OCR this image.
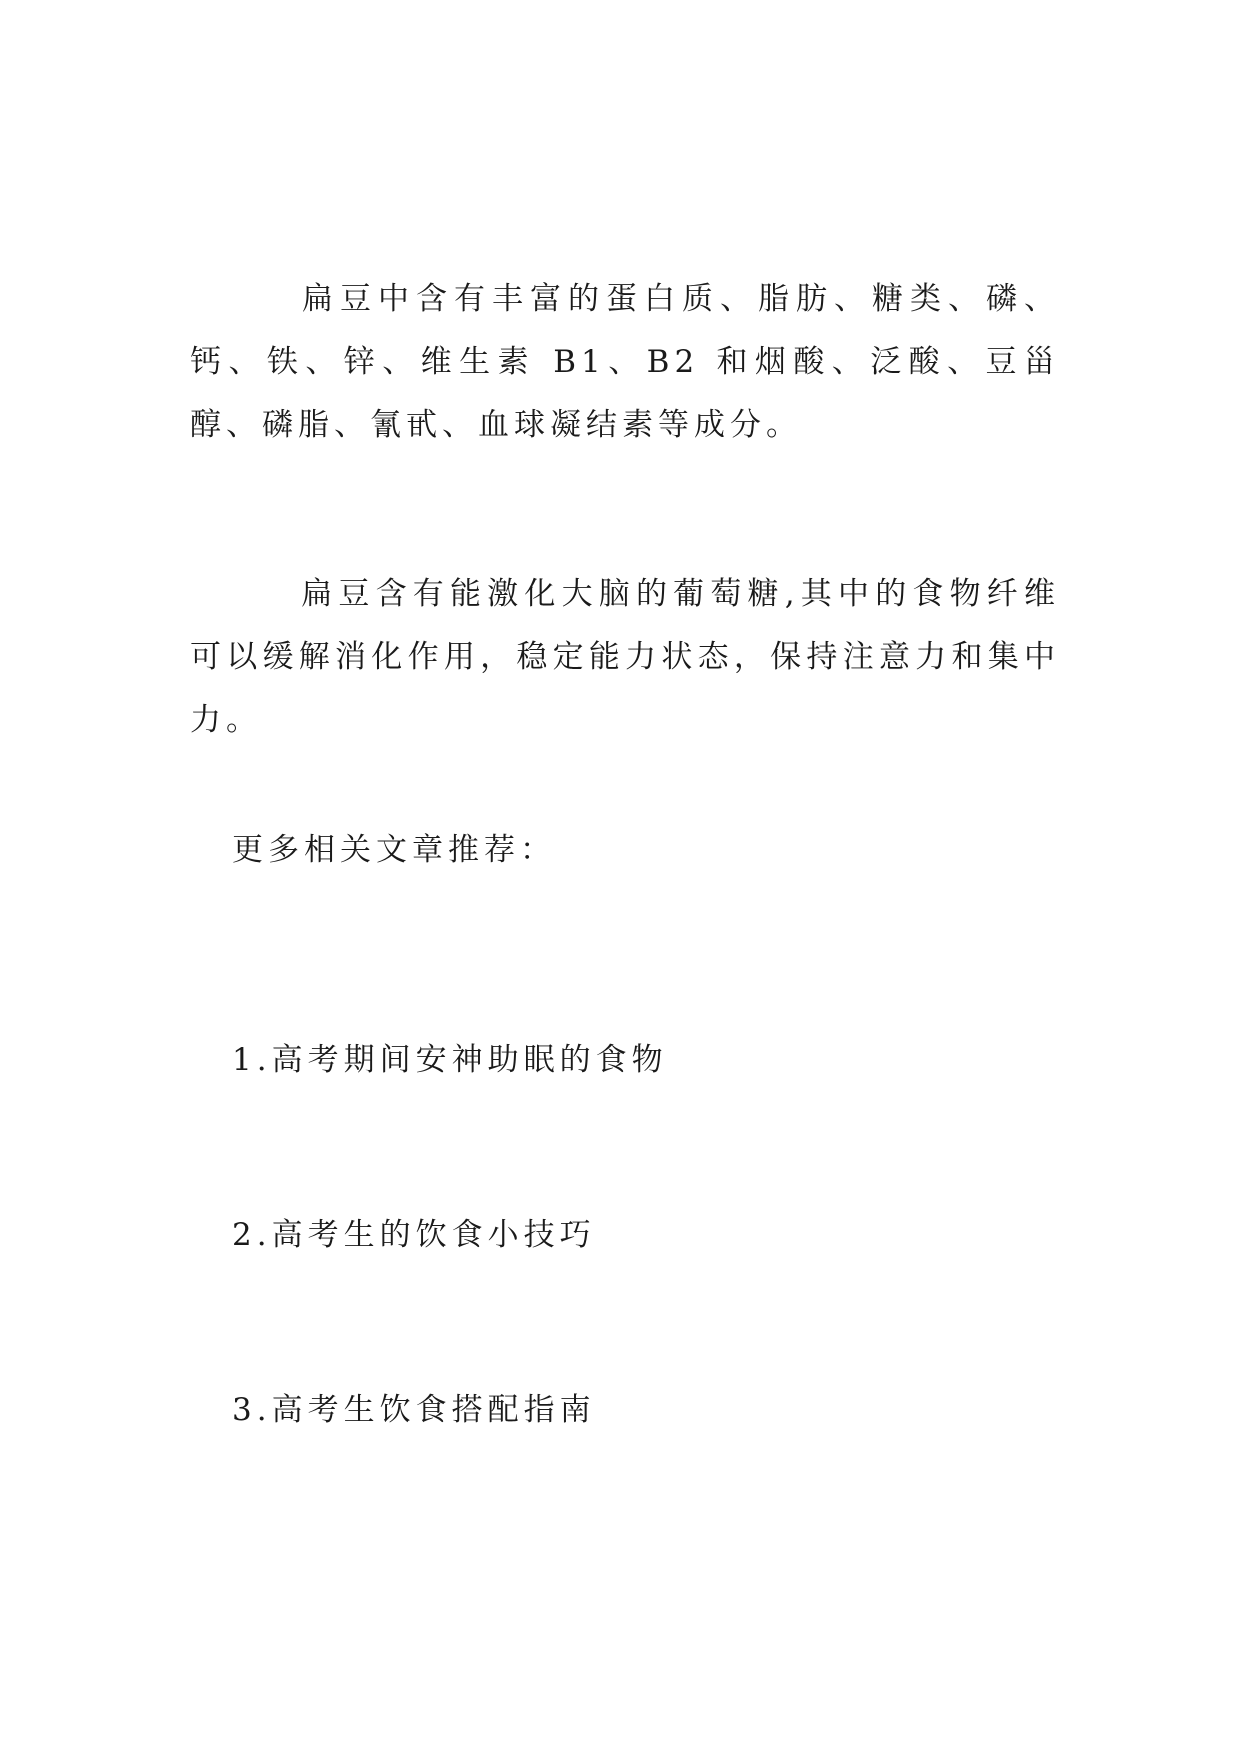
扁豆中含有丰富的蛋白质、脂肪、糖类、磷、钙、铁、锌、维生素 B1、B2 和烟酸、泛酸、豆甾醇、磷脂、氰甙、血球凝结素等成分。

扁豆含有能激化大脑的葡萄糖,其中的食物纤维可以缓解消化作用，稳定能力状态，保持注意力和集中力。

更多相关文章推荐：

1.高考期间安神助眠的食物

2.高考生的饮食小技巧

3.高考生饮食搭配指南
